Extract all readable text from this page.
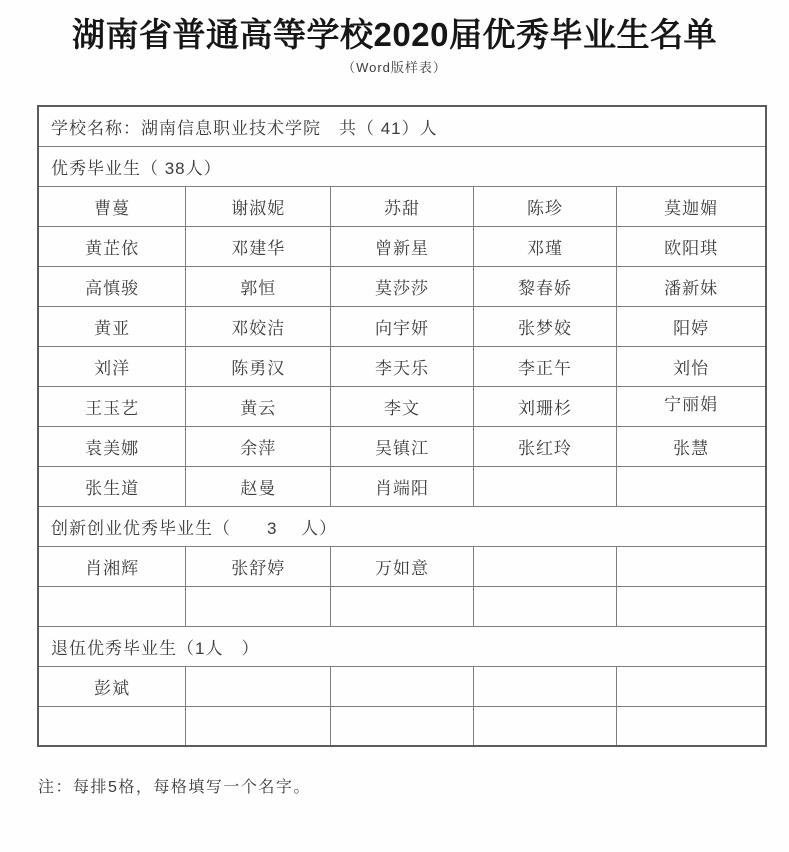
湖南省普通高等学校2020届优秀毕业生名单
（Word版样表）
学校名称：湖南信息职业技术学院　共（ 41）人				
优秀毕业生（ 38人）				
曹蔓	谢淑妮	苏甜	陈珍	莫迦媚
黄芷依	邓建华	曾新星	邓瑾	欧阳琪
高慎骏	郭恒	莫莎莎	黎春娇	潘新妹
黄亚	邓姣洁	向宇妍	张梦姣	阳婷
刘洋	陈勇汉	李天乐	李正午	刘怡
王玉艺	黄云	李文	刘珊杉	宁丽娟
袁美娜	余萍	吴镇江	张红玲	张慧
张生道	赵曼	肖端阳		
创新创业优秀毕业生（　　3　 人）				
肖湘辉	张舒婷	万如意		

退伍优秀毕业生（1人　）				
彭斌				

注：每排5格，每格填写一个名字。
